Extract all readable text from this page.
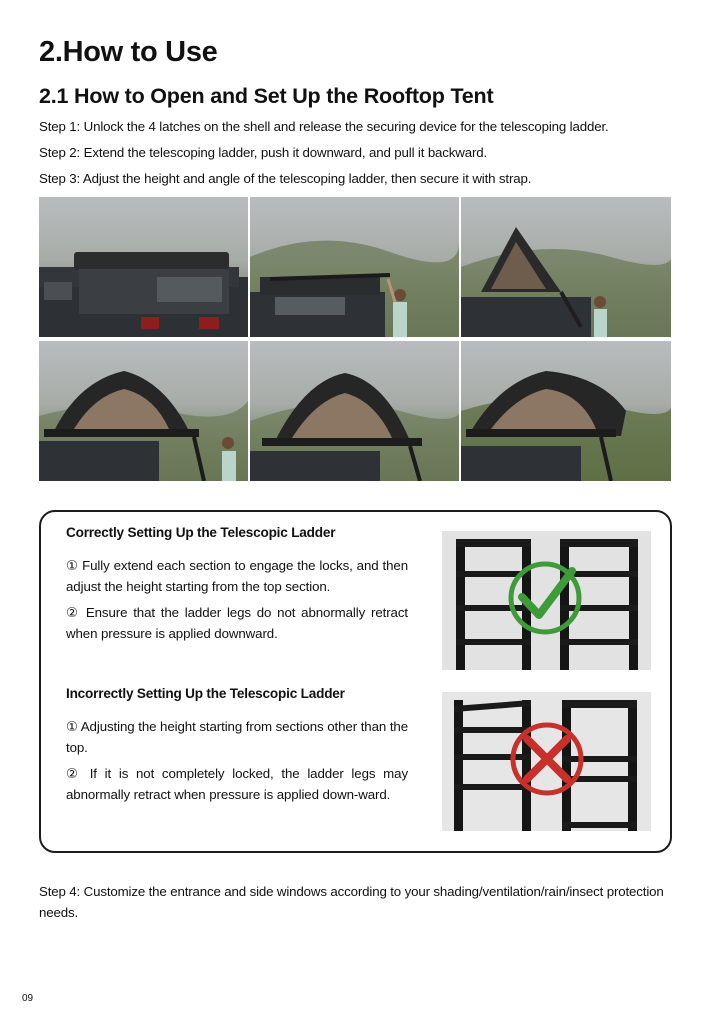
2.How to Use
2.1 How to Open and Set Up the Rooftop Tent
Step 1: Unlock the 4 latches on the shell and release the securing device for the telescoping ladder.
Step 2: Extend the telescoping ladder, push it downward, and pull it backward.
Step 3: Adjust the height and angle of the telescoping ladder, then secure it with strap.
Correctly Setting Up the Telescopic Ladder
① Fully extend each section to engage the locks, and then adjust the height starting from the top section.
② Ensure that the ladder legs do not abnormally retract when pressure is applied downward.
Incorrectly Setting Up the Telescopic Ladder
① Adjusting the height starting from sections other than the top.
② If it is not completely locked, the ladder legs may abnormally retract when pressure is applied down-ward.
Step 4: Customize the entrance and side windows according to your shading/ventilation/rain/insect protection needs.
09
